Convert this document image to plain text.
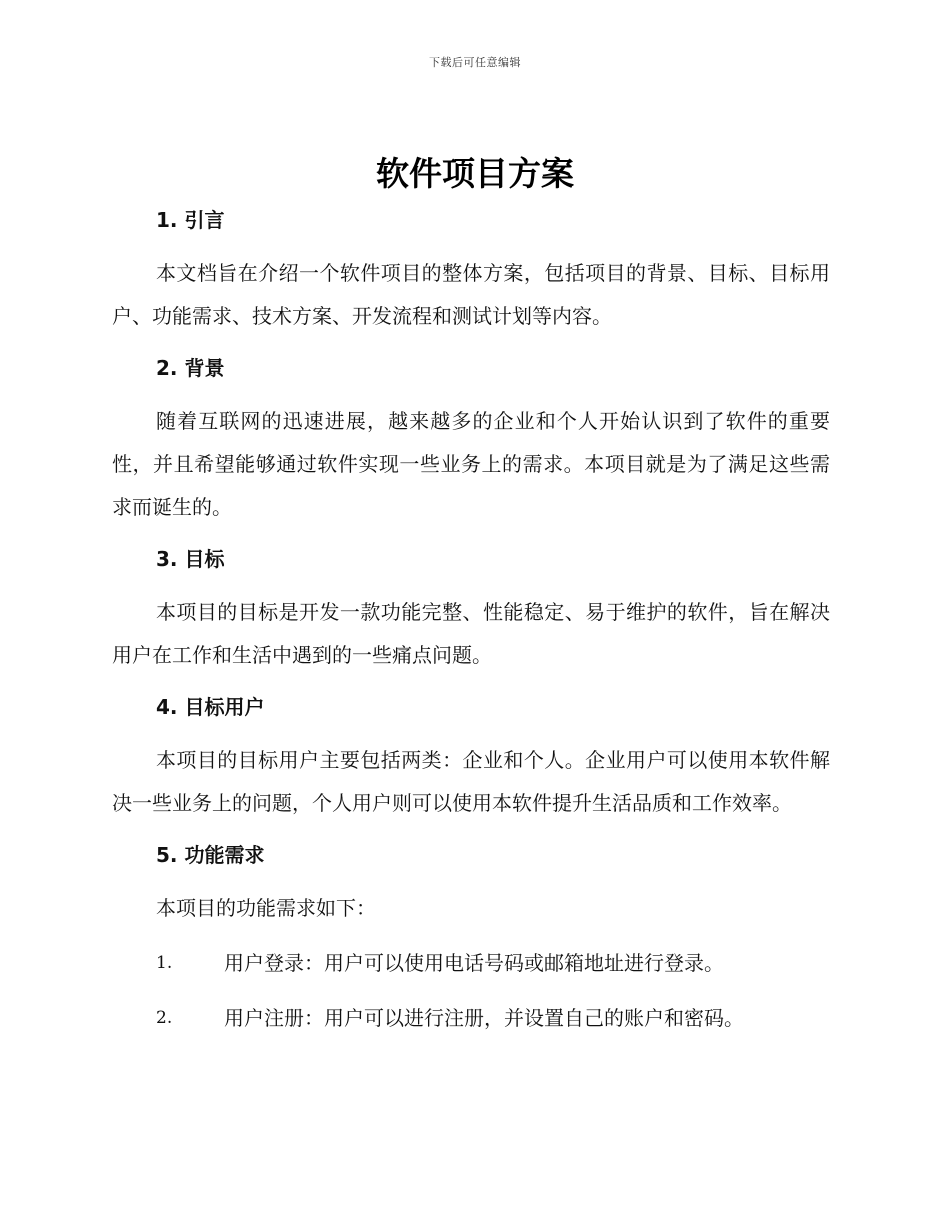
下载后可任意编辑
软件项目方案
1. 引言

本文档旨在介绍一个软件项目的整体方案，包括项目的背景、目标、目标用户、功能需求、技术方案、开发流程和测试计划等内容。

2. 背景

随着互联网的迅速进展，越来越多的企业和个人开始认识到了软件的重要性，并且希望能够通过软件实现一些业务上的需求。本项目就是为了满足这些需求而诞生的。

3. 目标

本项目的目标是开发一款功能完整、性能稳定、易于维护的软件，旨在解决用户在工作和生活中遇到的一些痛点问题。

4. 目标用户

本项目的目标用户主要包括两类：企业和个人。企业用户可以使用本软件解决一些业务上的问题，个人用户则可以使用本软件提升生活品质和工作效率。

5. 功能需求

本项目的功能需求如下：

1.	用户登录：用户可以使用电话号码或邮箱地址进行登录。
2.	用户注册：用户可以进行注册，并设置自己的账户和密码。
